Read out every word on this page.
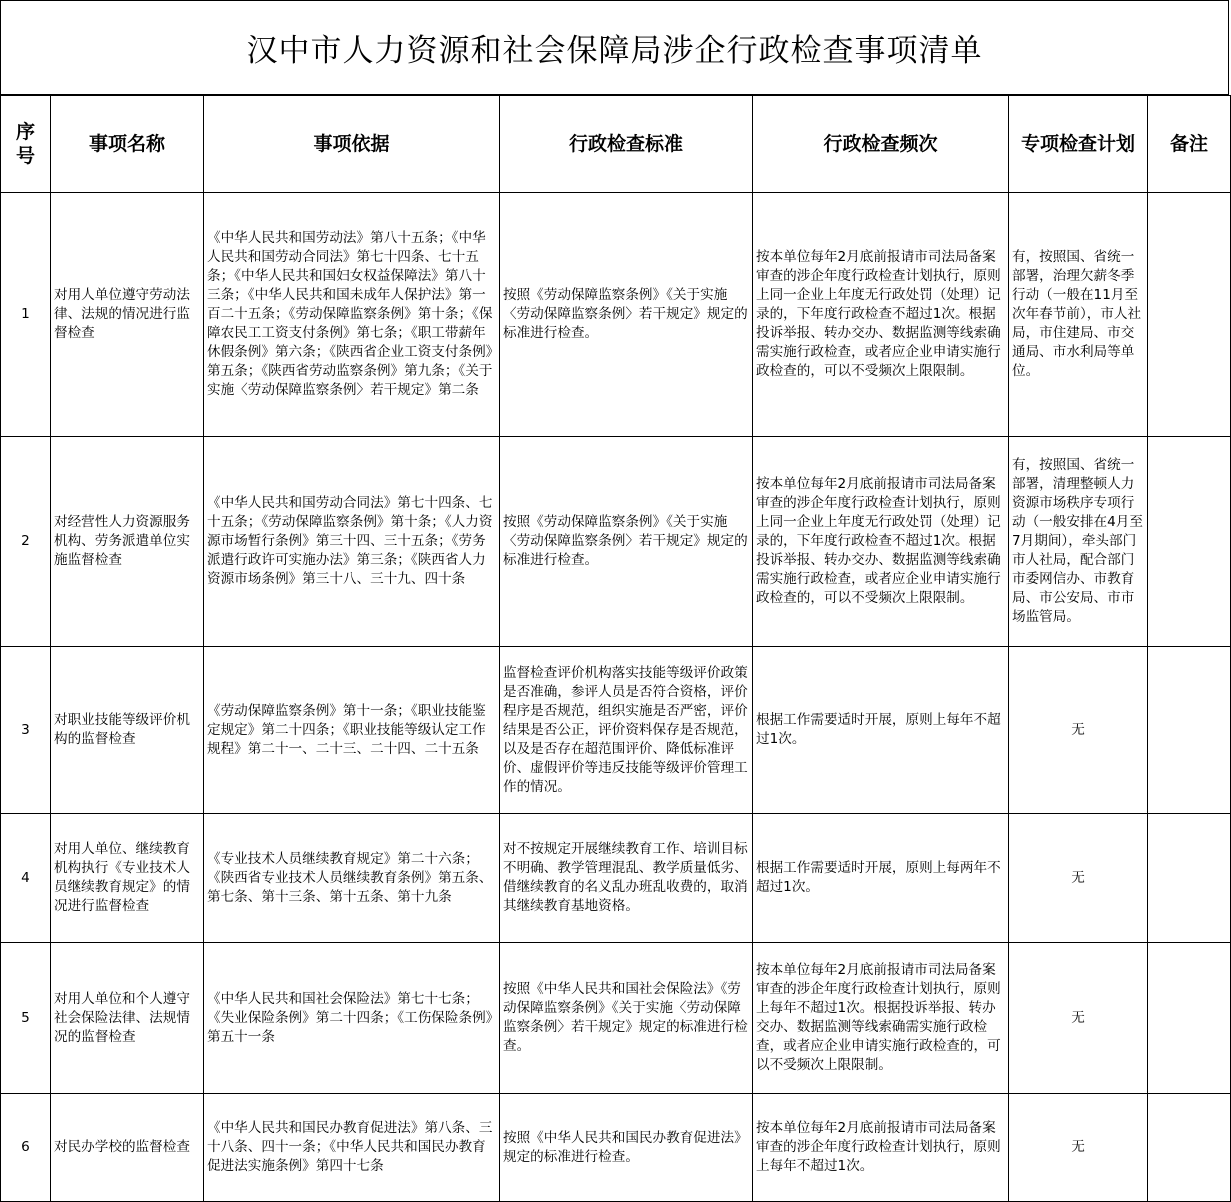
汉中市人力资源和社会保障局涉企行政检查事项清单
序号	事项名称	事项依据	行政检查标准	行政检查频次	专项检查计划	备注
1	对用人单位遵守劳动法律、法规的情况进行监督检查	《中华人民共和国劳动法》第八十五条；《中华人民共和国劳动合同法》第七十四条、七十五条；《中华人民共和国妇女权益保障法》第八十三条；《中华人民共和国未成年人保护法》第一百二十五条；《劳动保障监察条例》第十条；《保障农民工工资支付条例》第七条；《职工带薪年休假条例》第六条；《陕西省企业工资支付条例》第五条；《陕西省劳动监察条例》第九条；《关于实施〈劳动保障监察条例〉若干规定》第二条	按照《劳动保障监察条例》《关于实施〈劳动保障监察条例〉若干规定》规定的标准进行检查。	按本单位每年2月底前报请市司法局备案审查的涉企年度行政检查计划执行，原则上同一企业上年度无行政处罚（处理）记录的，下年度行政检查不超过1次。根据投诉举报、转办交办、数据监测等线索确需实施行政检查，或者应企业申请实施行政检查的，可以不受频次上限限制。	有，按照国、省统一部署，治理欠薪冬季行动（一般在11月至次年春节前），市人社局，市住建局、市交通局、市水利局等单位。	
2	对经营性人力资源服务机构、劳务派遣单位实施监督检查	《中华人民共和国劳动合同法》第七十四条、七十五条；《劳动保障监察条例》第十条；《人力资源市场暂行条例》第三十四、三十五条；《劳务派遣行政许可实施办法》第三条；《陕西省人力资源市场条例》第三十八、三十九、四十条	按照《劳动保障监察条例》《关于实施〈劳动保障监察条例〉若干规定》规定的标准进行检查。	按本单位每年2月底前报请市司法局备案审查的涉企年度行政检查计划执行，原则上同一企业上年度无行政处罚（处理）记录的，下年度行政检查不超过1次。根据投诉举报、转办交办、数据监测等线索确需实施行政检查，或者应企业申请实施行政检查的，可以不受频次上限限制。	有，按照国、省统一部署，清理整顿人力资源市场秩序专项行动（一般安排在4月至7月期间），牵头部门市人社局，配合部门市委网信办、市教育局、市公安局、市市场监管局。	
3	对职业技能等级评价机构的监督检查	《劳动保障监察条例》第十一条；《职业技能鉴定规定》第二十四条；《职业技能等级认定工作规程》第二十一、二十三、二十四、二十五条	监督检查评价机构落实技能等级评价政策是否准确，参评人员是否符合资格，评价程序是否规范，组织实施是否严密，评价结果是否公正，评价资料保存是否规范，以及是否存在超范围评价、降低标准评价、虚假评价等违反技能等级评价管理工作的情况。	根据工作需要适时开展，原则上每年不超过1次。	无	
4	对用人单位、继续教育机构执行《专业技术人员继续教育规定》的情况进行监督检查	《专业技术人员继续教育规定》第二十六条；《陕西省专业技术人员继续教育条例》第五条、第七条、第十三条、第十五条、第十九条	对不按规定开展继续教育工作、培训目标不明确、教学管理混乱、教学质量低劣、借继续教育的名义乱办班乱收费的，取消其继续教育基地资格。	根据工作需要适时开展，原则上每两年不超过1次。	无	
5	对用人单位和个人遵守社会保险法律、法规情况的监督检查	《中华人民共和国社会保险法》第七十七条；《失业保险条例》第二十四条；《工伤保险条例》第五十一条	按照《中华人民共和国社会保险法》《劳动保障监察条例》《关于实施〈劳动保障监察条例〉若干规定》规定的标准进行检查。	按本单位每年2月底前报请市司法局备案审查的涉企年度行政检查计划执行，原则上每年不超过1次。根据投诉举报、转办交办、数据监测等线索确需实施行政检查，或者应企业申请实施行政检查的，可以不受频次上限限制。	无	
6	对民办学校的监督检查	《中华人民共和国民办教育促进法》第八条、三十八条、四十一条；《中华人民共和国民办教育促进法实施条例》第四十七条	按照《中华人民共和国民办教育促进法》规定的标准进行检查。	按本单位每年2月底前报请市司法局备案审查的涉企年度行政检查计划执行，原则上每年不超过1次。	无	
